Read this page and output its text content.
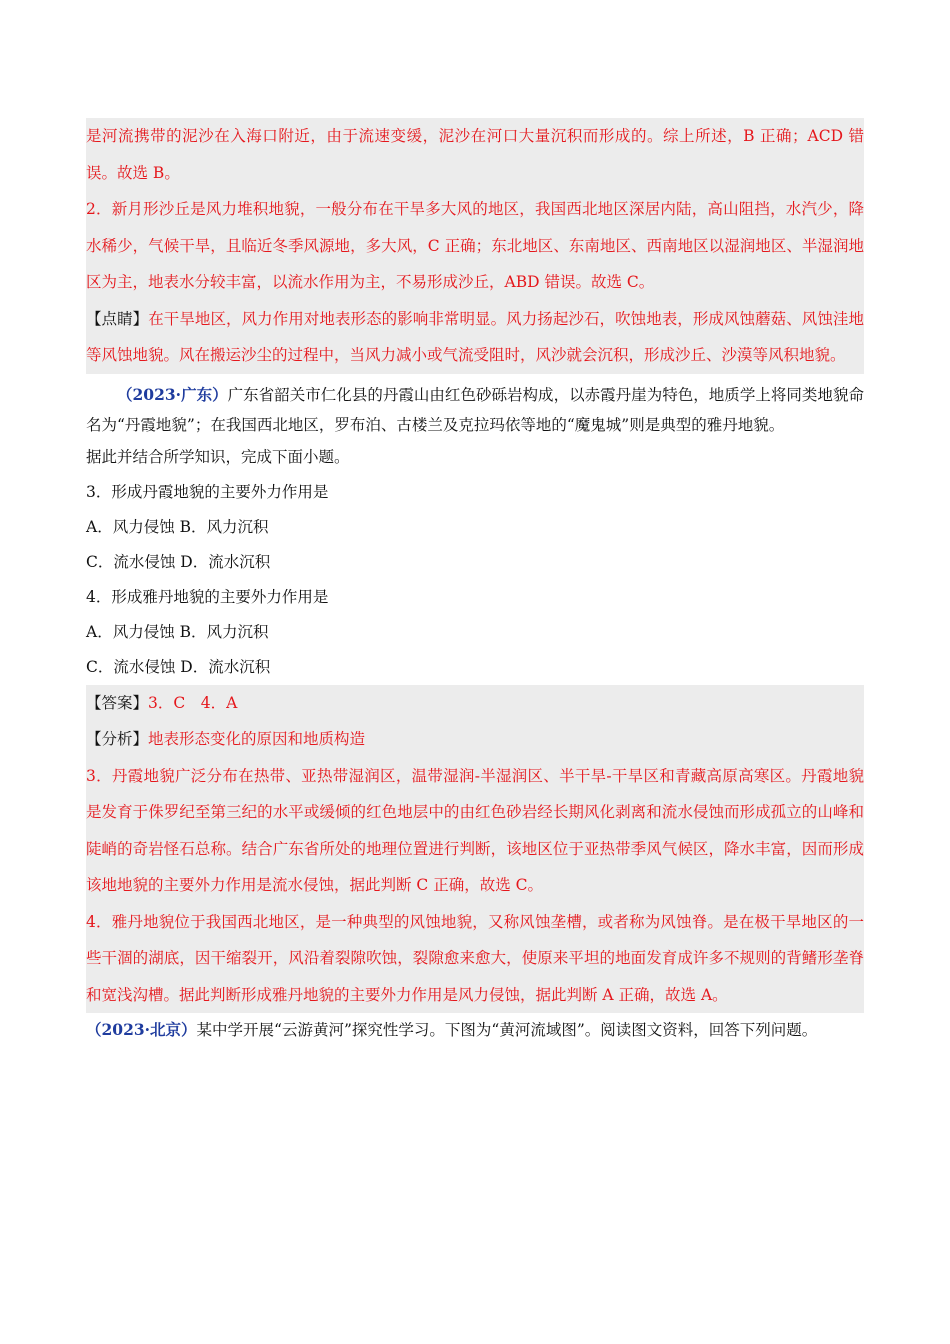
是河流携带的泥沙在入海口附近，由于流速变缓，泥沙在河口大量沉积而形成的。综上所述，B 正确；ACD 错误。故选 B。

2．新月形沙丘是风力堆积地貌，一般分布在干旱多大风的地区，我国西北地区深居内陆，高山阻挡，水汽少，降水稀少，气候干旱，且临近冬季风源地，多大风，C 正确；东北地区、东南地区、西南地区以湿润地区、半湿润地区为主，地表水分较丰富，以流水作用为主，不易形成沙丘，ABD 错误。故选 C。

【点睛】在干旱地区，风力作用对地表形态的影响非常明显。风力扬起沙石，吹蚀地表，形成风蚀蘑菇、风蚀洼地等风蚀地貌。风在搬运沙尘的过程中，当风力减小或气流受阻时，风沙就会沉积，形成沙丘、沙漠等风积地貌。

（2023·广东）广东省韶关市仁化县的丹霞山由红色砂砾岩构成，以赤霞丹崖为特色，地质学上将同类地貌命名为“丹霞地貌”；在我国西北地区，罗布泊、古楼兰及克拉玛依等地的“魔鬼城”则是典型的雅丹地貌。

据此并结合所学知识，完成下面小题。

3．形成丹霞地貌的主要外力作用是

A．风力侵蚀 B．风力沉积

C．流水侵蚀 D．流水沉积

4．形成雅丹地貌的主要外力作用是

A．风力侵蚀 B．风力沉积

C．流水侵蚀 D．流水沉积

【答案】3．C　4．A

【分析】地表形态变化的原因和地质构造

3．丹霞地貌广泛分布在热带、亚热带湿润区，温带湿润-半湿润区、半干旱-干旱区和青藏高原高寒区。丹霞地貌是发育于侏罗纪至第三纪的水平或缓倾的红色地层中的由红色砂岩经长期风化剥离和流水侵蚀而形成孤立的山峰和陡峭的奇岩怪石总称。结合广东省所处的地理位置进行判断，该地区位于亚热带季风气候区，降水丰富，因而形成该地地貌的主要外力作用是流水侵蚀，据此判断 C 正确，故选 C。

4．雅丹地貌位于我国西北地区，是一种典型的风蚀地貌，又称风蚀垄槽，或者称为风蚀脊。是在极干旱地区的一些干涸的湖底，因干缩裂开，风沿着裂隙吹蚀，裂隙愈来愈大，使原来平坦的地面发育成许多不规则的背鳍形垄脊和宽浅沟槽。据此判断形成雅丹地貌的主要外力作用是风力侵蚀，据此判断 A 正确，故选 A。

（2023·北京）某中学开展“云游黄河”探究性学习。下图为“黄河流域图”。阅读图文资料，回答下列问题。
